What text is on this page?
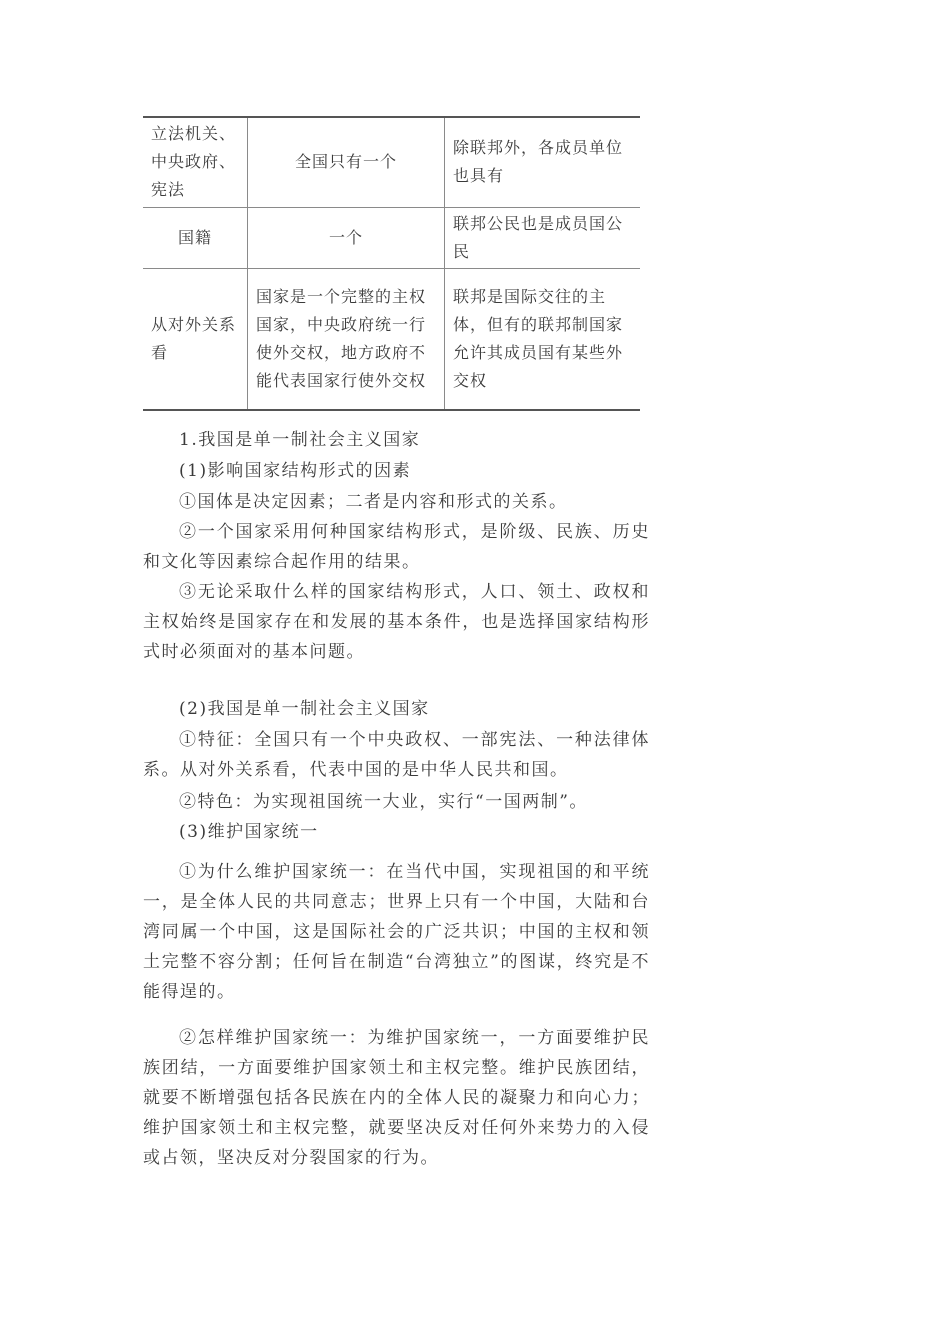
立法机关、中央政府、宪法	全国只有一个	除联邦外，各成员单位也具有
国籍	一个	联邦公民也是成员国公民
从对外关系看	国家是一个完整的主权国家，中央政府统一行使外交权，地方政府不能代表国家行使外交权	联邦是国际交往的主体，但有的联邦制国家允许其成员国有某些外交权

1.我国是单一制社会主义国家

(1)影响国家结构形式的因素

①国体是决定因素；二者是内容和形式的关系。

②一个国家采用何种国家结构形式，是阶级、民族、历史和文化等因素综合起作用的结果。

③无论采取什么样的国家结构形式，人口、领土、政权和主权始终是国家存在和发展的基本条件，也是选择国家结构形式时必须面对的基本问题。

(2)我国是单一制社会主义国家

①特征：全国只有一个中央政权、一部宪法、一种法律体系。从对外关系看，代表中国的是中华人民共和国。

②特色：为实现祖国统一大业，实行“一国两制”。

(3)维护国家统一

①为什么维护国家统一：在当代中国，实现祖国的和平统一，是全体人民的共同意志；世界上只有一个中国，大陆和台湾同属一个中国，这是国际社会的广泛共识；中国的主权和领土完整不容分割；任何旨在制造“台湾独立”的图谋，终究是不能得逞的。

②怎样维护国家统一：为维护国家统一，一方面要维护民族团结，一方面要维护国家领土和主权完整。维护民族团结，就要不断增强包括各民族在内的全体人民的凝聚力和向心力；维护国家领土和主权完整，就要坚决反对任何外来势力的入侵或占领，坚决反对分裂国家的行为。
